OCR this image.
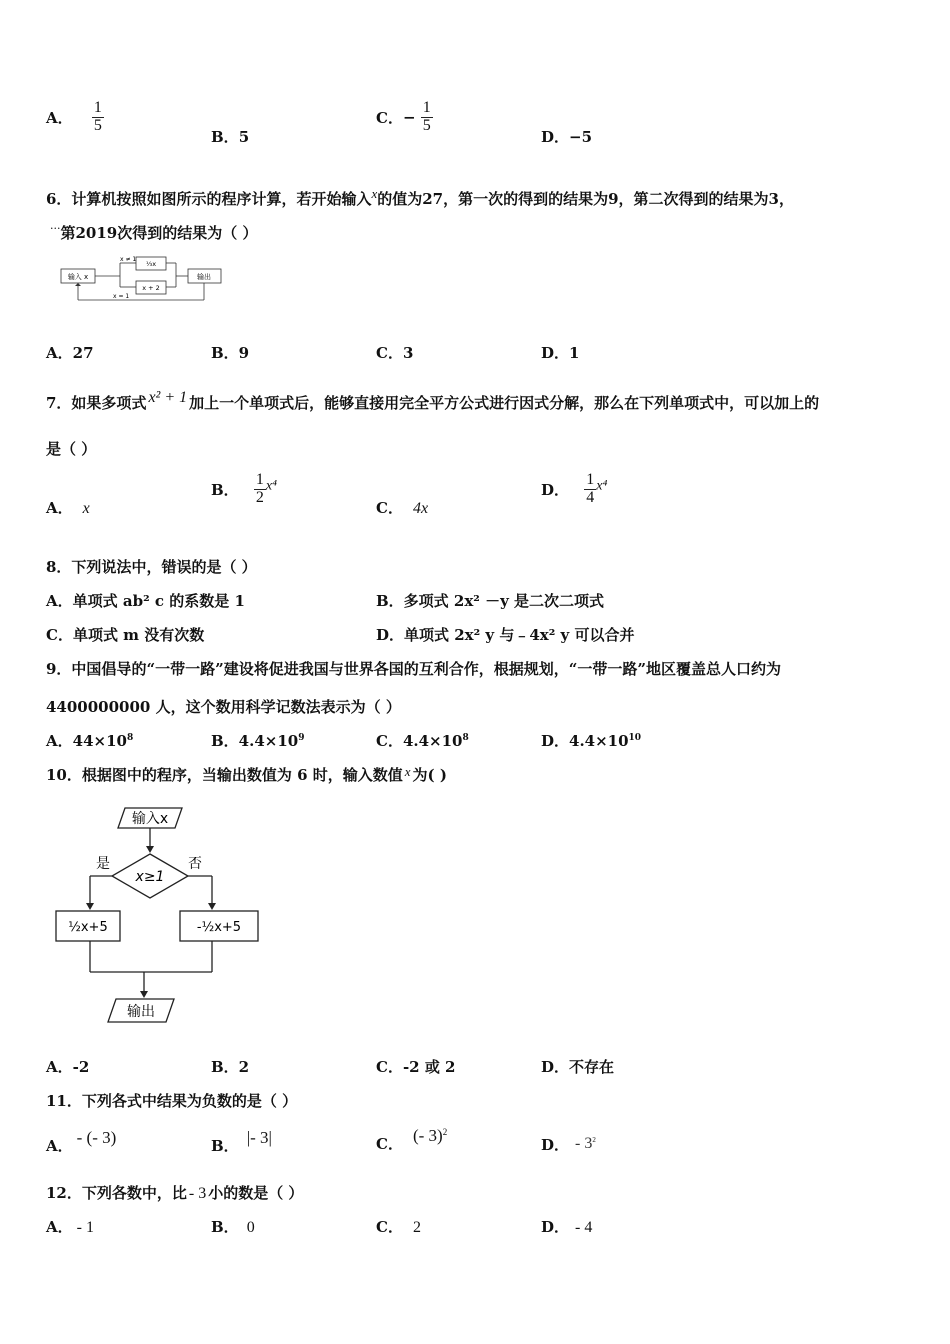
A． $\frac{1}{5}$
B．5
C．− $\frac{1}{5}$
D．−5
6．计算机按照如图所示的程序计算，若开始输入x的值为27，第一次的得到的结果为9，第二次得到的结果为3，
···第2019次得到的结果为（ ）
输入 x
x ≠ 1
⅓x
x + 2
输出
x = 1
A．27	B．9	C．3	D．1
7．如果多项式 x² + 1 加上一个单项式后，能够直接用完全平方公式进行因式分解，那么在下列单项式中，可以加上的
是（ ）
A． x
B． $\frac{1}{2} x^4$
C． 4x
D． $\frac{1}{4} x^4$
8．下列说法中，错误的是（ ）
A．单项式 ab² c 的系数是 1	B．多项式 2x² －y 是二次二项式
C．单项式 m 没有次数	D．单项式 2x² y 与﹣4x² y 可以合并
9．中国倡导的“一带一路”建设将促进我国与世界各国的互利合作，根据规划，“一带一路”地区覆盖总人口约为
4400000000 人，这个数用科学记数法表示为（ ）
A．$44\times 10^8$	B．$4.4\times 10^9$	C．$4.4\times 10^8$	D．$4.4\times 10^{10}$
10．根据图中的程序，当输出数值为 6 时，输入数值 x 为( )
输入x
x≥1
是	否
½x+5	-½x+5
输出
A．-2	B．2	C．-2 或 2	D．不存在
11．下列各式中结果为负数的是（ ）
A． - (- 3)	B． |- 3|	C． (- 3)$^2$
D． - $3^2$
12．下列各数中，比 - 3 小的数是（ ）
A． - 1	B． 0	C． 2	D． - 4
